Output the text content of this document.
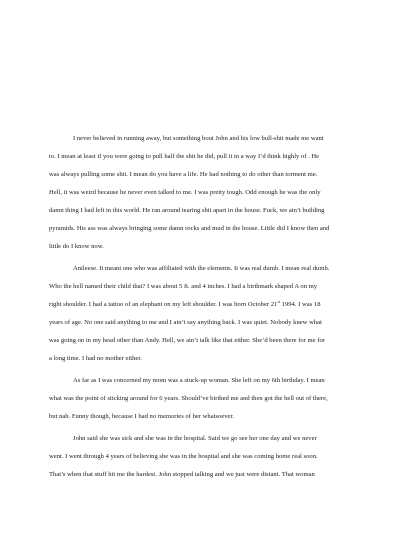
I never believed in running away, but something bout John and his low bull-shit made me want
to. I mean at least if you were going to pull half the shit he did, pull it in a way I’d think highly of . He
was always pulling some shit. I mean do you have a life. He had nothing to do other than torment me.
Hell, it was weird because he never even talked to me. I was pretty tough. Odd enough he was the only
damn thing I had left in this world. He ran around tearing shit apart in the house. Fuck, we ain’t building
pyramids. His ass was always bringing some damn rocks and mud in the house. Little did I know then and
little do I know now.
Anileese. It meant one who was affiliated with the elements. It was real dumb. I mean real dumb.
Who the hell named their child that? I was about 5 ft. and 4 inches. I had a birthmark shaped A on my
right shoulder. I had a tattoo of an elephant on my left shoulder. I was born October 21st 1994. I was 18
years of age. No one said anything to me and I ain’t say anything back. I was quiet. Nobody knew what
was going on in my head other than Andy. Hell, we ain’t talk like that either. She’d been there for me for
a long time. I had no mother either.
As far as I was concerned my mom was a stuck-up woman. She left on my 6th birthday. I mean
what was the point of sticking around for 6 years. Should’ve birthed me and then got the hell out of there,
but nah. Funny though, because I had no memories of her whatsoever.
John said she was sick and she was in the hospital. Said we go see her one day and we never
went. I went through 4 years of believing she was in the hospital and she was coming home real soon.
That’s when that stuff hit me the hardest. John stopped talking and we just were distant. That woman
